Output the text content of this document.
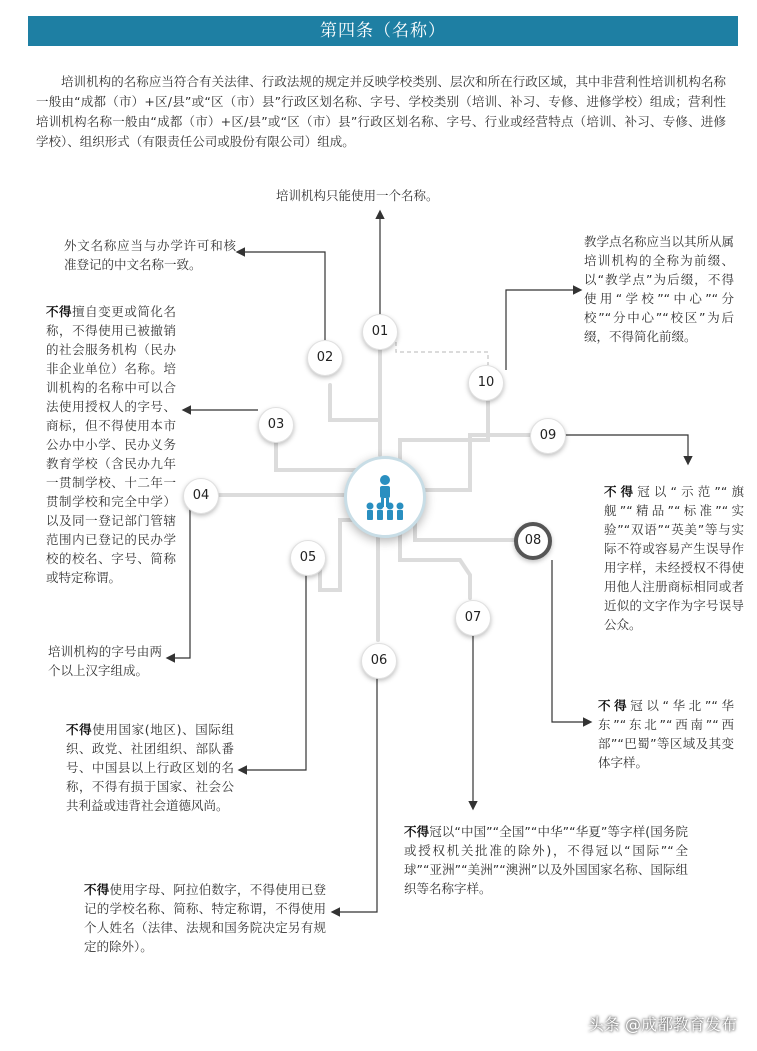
第四条（名称）
培训机构的名称应当符合有关法律、行政法规的规定并反映学校类别、层次和所在行政区域，其中非营利性培训机构名称一般由“成都（市）+区/县”或“区（市）县”行政区划名称、字号、学校类别（培训、补习、专修、进修学校）组成；营利性培训机构名称一般由“成都（市）+区/县”或“区（市）县”行政区划名称、字号、行业或经营特点（培训、补习、专修、进修学校）、组织形式（有限责任公司或股份有限公司）组成。
01
02
03
04
05
06
07
08
09
10
培训机构只能使用一个名称。
外文名称应当与办学许可和核准登记的中文名称一致。
不得擅自变更或简化名称，不得使用已被撤销的社会服务机构（民办非企业单位）名称。培训机构的名称中可以合法使用授权人的字号、商标，但不得使用本市公办中小学、民办义务教育学校（含民办九年一贯制学校、十二年一贯制学校和完全中学）以及同一登记部门管辖范围内已登记的民办学校的校名、字号、简称或特定称谓。
培训机构的字号由两个以上汉字组成。
不得使用国家(地区)、国际组织、政党、社团组织、部队番号、中国县以上行政区划的名称，不得有损于国家、社会公共利益或违背社会道德风尚。
不得使用字母、阿拉伯数字，不得使用已登记的学校名称、简称、特定称谓，不得使用个人姓名（法律、法规和国务院决定另有规定的除外）。
不得冠以“中国”“全国”“中华”“华夏”等字样(国务院或授权机关批准的除外)，不得冠以“国际”“全球”“亚洲”“美洲”“澳洲”以及外国国家名称、国际组织等名称字样。
不得冠以“华北”“华东”“东北”“西南”“西部”“巴蜀”等区域及其变体字样。
不得冠以“示范”“旗舰”“精品”“标准”“实验”“双语”“英美”等与实际不符或容易产生误导作用字样，未经授权不得使用他人注册商标相同或者近似的文字作为字号误导公众。
教学点名称应当以其所从属培训机构的全称为前缀、以“教学点”为后缀，不得使用“学校”“中心”“分校”“分中心”“校区”为后缀，不得简化前缀。
头条 @成都教育发布
